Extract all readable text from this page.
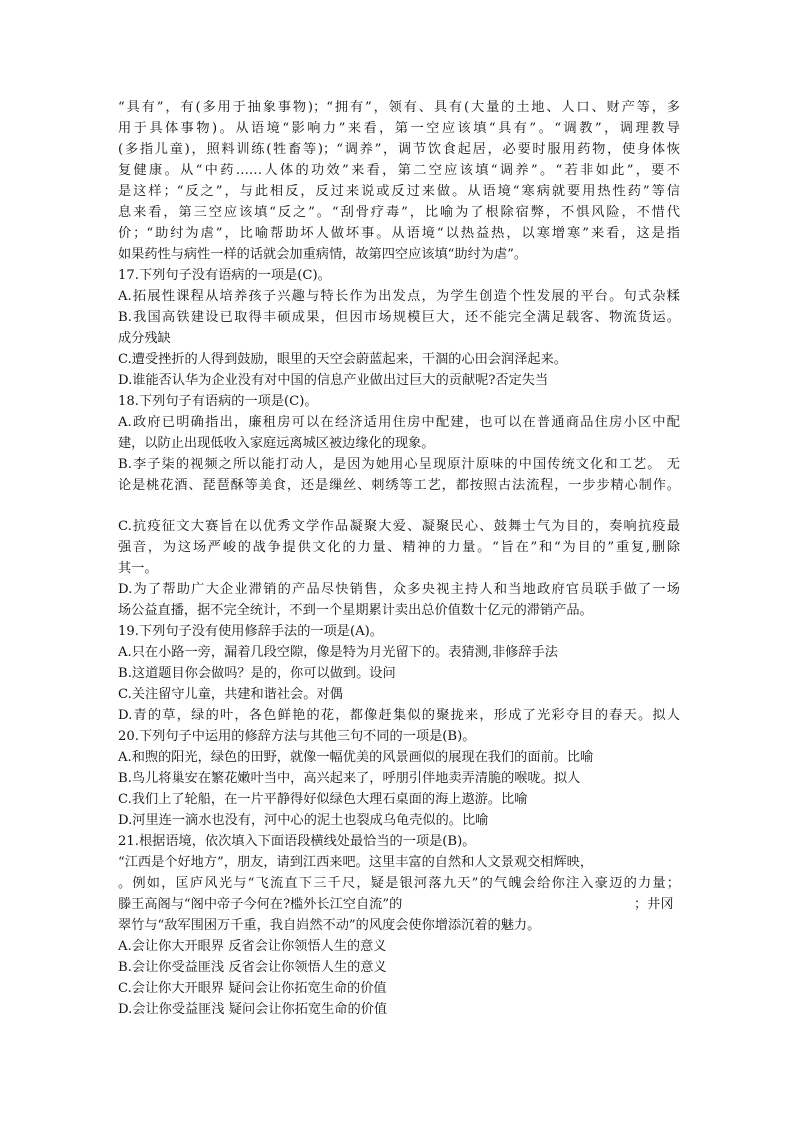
“具有”，有(多用于抽象事物)；“拥有”，领有、具有(大量的土地、人口、财产等，多
用于具体事物)。从语境“影响力”来看，第一空应该填“具有”。“调教”，调理教导
(多指儿童)，照料训练(牲畜等)；“调养”，调节饮食起居，必要时服用药物，使身体恢
复健康。从“中药……人体的功效”来看，第二空应该填“调养”。“若非如此”，要不
是这样；“反之”，与此相反，反过来说或反过来做。从语境“寒病就要用热性药”等信
息来看，第三空应该填“反之”。“刮骨疗毒”，比喻为了根除宿弊，不惧风险，不惜代
价；“助纣为虐”，比喻帮助坏人做坏事。从语境“以热益热，以寒增寒”来看，这是指
如果药性与病性一样的话就会加重病情，故第四空应该填“助纣为虐”。
17.下列句子没有语病的一项是(C)。
A.拓展性课程从培养孩子兴趣与特长作为出发点，为学生创造个性发展的平台。句式杂糅
B.我国高铁建设已取得丰硕成果，但因市场规模巨大，还不能完全满足载客、物流货运。
成分残缺
C.遭受挫折的人得到鼓励，眼里的天空会蔚蓝起来，干涸的心田会润泽起来。
D.谁能否认华为企业没有对中国的信息产业做出过巨大的贡献呢?否定失当
18.下列句子有语病的一项是(C)。
A.政府已明确指出，廉租房可以在经济适用住房中配建，也可以在普通商品住房小区中配
建，以防止出现低收入家庭远离城区被边缘化的现象。
B.李子柒的视频之所以能打动人，是因为她用心呈现原汁原味的中国传统文化和工艺。 无
论是桃花酒、琵琶酥等美食，还是缫丝、刺绣等工艺，都按照古法流程，一步步精心制作。
C.抗疫征文大赛旨在以优秀文学作品凝聚大爱、凝聚民心、鼓舞士气为目的，奏响抗疫最
强音，为这场严峻的战争提供文化的力量、精神的力量。“旨在”和“为目的”重复,删除
其一。
D.为了帮助广大企业滞销的产品尽快销售，众多央视主持人和当地政府官员联手做了一场
场公益直播，据不完全统计，不到一个星期累计卖出总价值数十亿元的滞销产品。
19.下列句子没有使用修辞手法的一项是(A)。
A.只在小路一旁，漏着几段空隙，像是特为月光留下的。表猜测,非修辞手法
B.这道题目你会做吗？是的，你可以做到。设问
C.关注留守儿童，共建和谐社会。对偶
D.青的草，绿的叶，各色鲜艳的花，都像赶集似的聚拢来，形成了光彩夺目的春天。拟人
20.下列句子中运用的修辞方法与其他三句不同的一项是(B)。
A.和煦的阳光，绿色的田野，就像一幅优美的风景画似的展现在我们的面前。比喻
B.鸟儿将巢安在繁花嫩叶当中，高兴起来了，呼朋引伴地卖弄清脆的喉咙。拟人
C.我们上了轮船，在一片平静得好似绿色大理石桌面的海上遨游。比喻
D.河里连一滴水也没有，河中心的泥土也裂成乌龟壳似的。比喻
21.根据语境，依次填入下面语段横线处最恰当的一项是(B)。
“江西是个好地方”，朋友，请到江西来吧。这里丰富的自然和人文景观交相辉映，
。例如，匡庐风光与“飞流直下三千尺，疑是银河落九天”的气魄会给你注入豪迈的力量；
滕王高阁与“阁中帝子今何在?槛外长江空自流”的	；井冈
翠竹与“敌军围困万千重，我自岿然不动”的风度会使你增添沉着的魅力。
A.会让你大开眼界 反省会让你领悟人生的意义
B.会让你受益匪浅 反省会让你领悟人生的意义
C.会让你大开眼界 疑问会让你拓宽生命的价值
D.会让你受益匪浅 疑问会让你拓宽生命的价值
